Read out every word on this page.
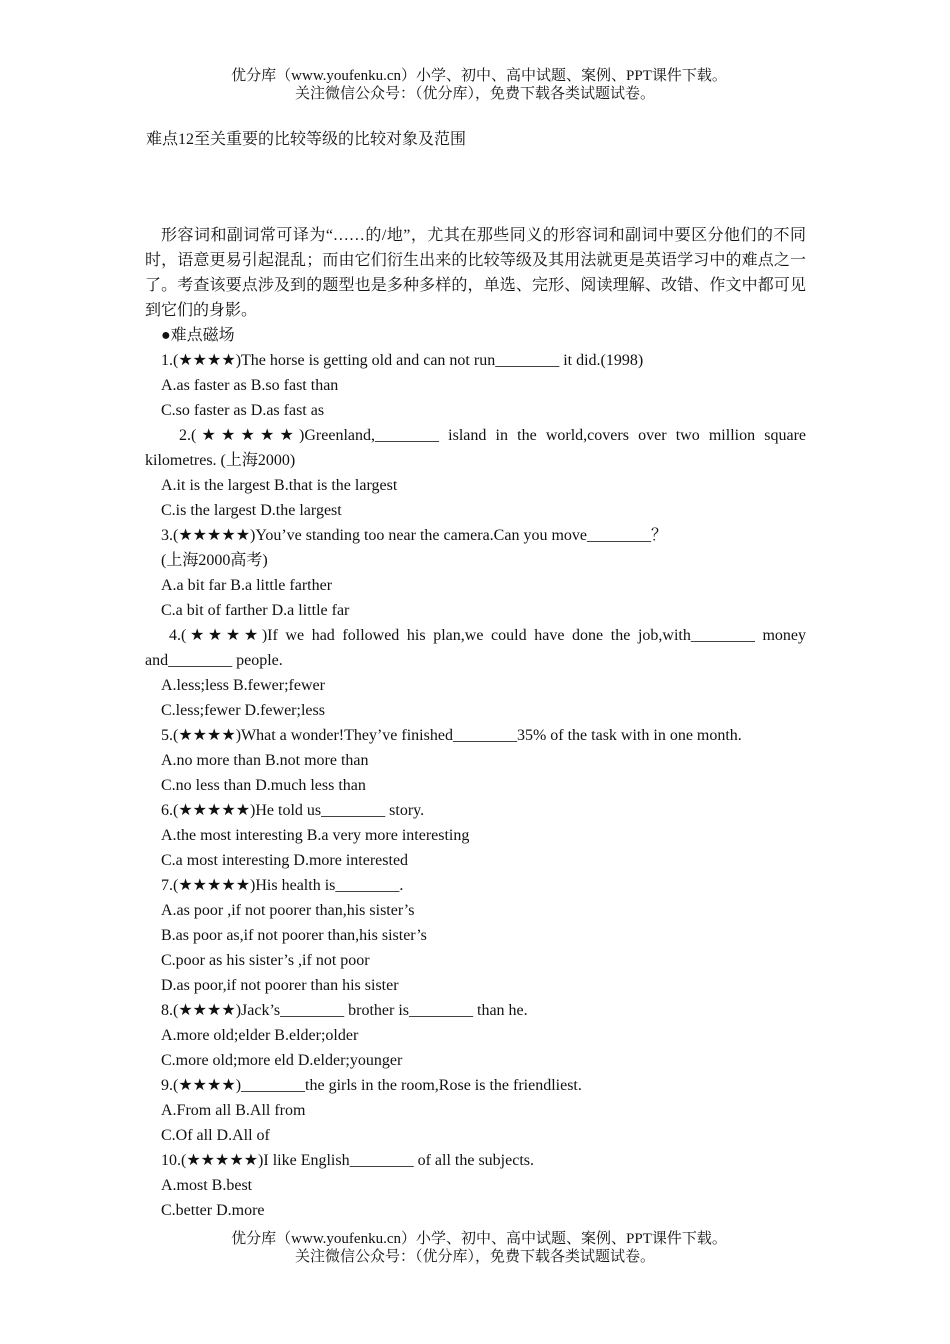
优分库（www.youfenku.cn）小学、初中、高中试题、案例、PPT课件下载。
关注微信公众号：（优分库），免费下载各类试题试卷。
难点12至关重要的比较等级的比较对象及范围

形容词和副词常可译为“……的/地”，尤其在那些同义的形容词和副词中要区分他们的不同时，语意更易引起混乱；而由它们衍生出来的比较等级及其用法就更是英语学习中的难点之一了。考查该要点涉及到的题型也是多种多样的，单选、完形、阅读理解、改错、作文中都可见到它们的身影。

●难点磁场

1.(★★★★)The horse is getting old and can not run________ it did.(1998)

A.as faster as B.so fast than

C.so faster as D.as fast as

2.(★★★★★)Greenland,________ island in the world,covers over two million square kilometres. (上海2000)

A.it is the largest B.that is the largest

C.is the largest D.the largest

3.(★★★★★)You’ve standing too near the camera.Can you move________？

(上海2000高考)

A.a bit far B.a little farther

C.a bit of farther D.a little far

4.(★★★★)If we had followed his plan,we could have done the job,with________ money and________ people.

A.less;less B.fewer;fewer

C.less;fewer D.fewer;less

5.(★★★★)What a wonder!They’ve finished________35% of the task with in one month.

A.no more than B.not more than

C.no less than D.much less than

6.(★★★★★)He told us________ story.

A.the most interesting B.a very more interesting

C.a most interesting D.more interested

7.(★★★★★)His health is________.

A.as poor ,if not poorer than,his sister’s

B.as poor as,if not poorer than,his sister’s

C.poor as his sister’s ,if not poor

D.as poor,if not poorer than his sister

8.(★★★★)Jack’s________ brother is________ than he.

A.more old;elder B.elder;older

C.more old;more eld D.elder;younger

9.(★★★★)________the girls in the room,Rose is the friendliest.

A.From all B.All from

C.Of all D.All of

10.(★★★★★)I like English________ of all the subjects.

A.most B.best

C.better D.more

优分库（www.youfenku.cn）小学、初中、高中试题、案例、PPT课件下载。
关注微信公众号：（优分库），免费下载各类试题试卷。
